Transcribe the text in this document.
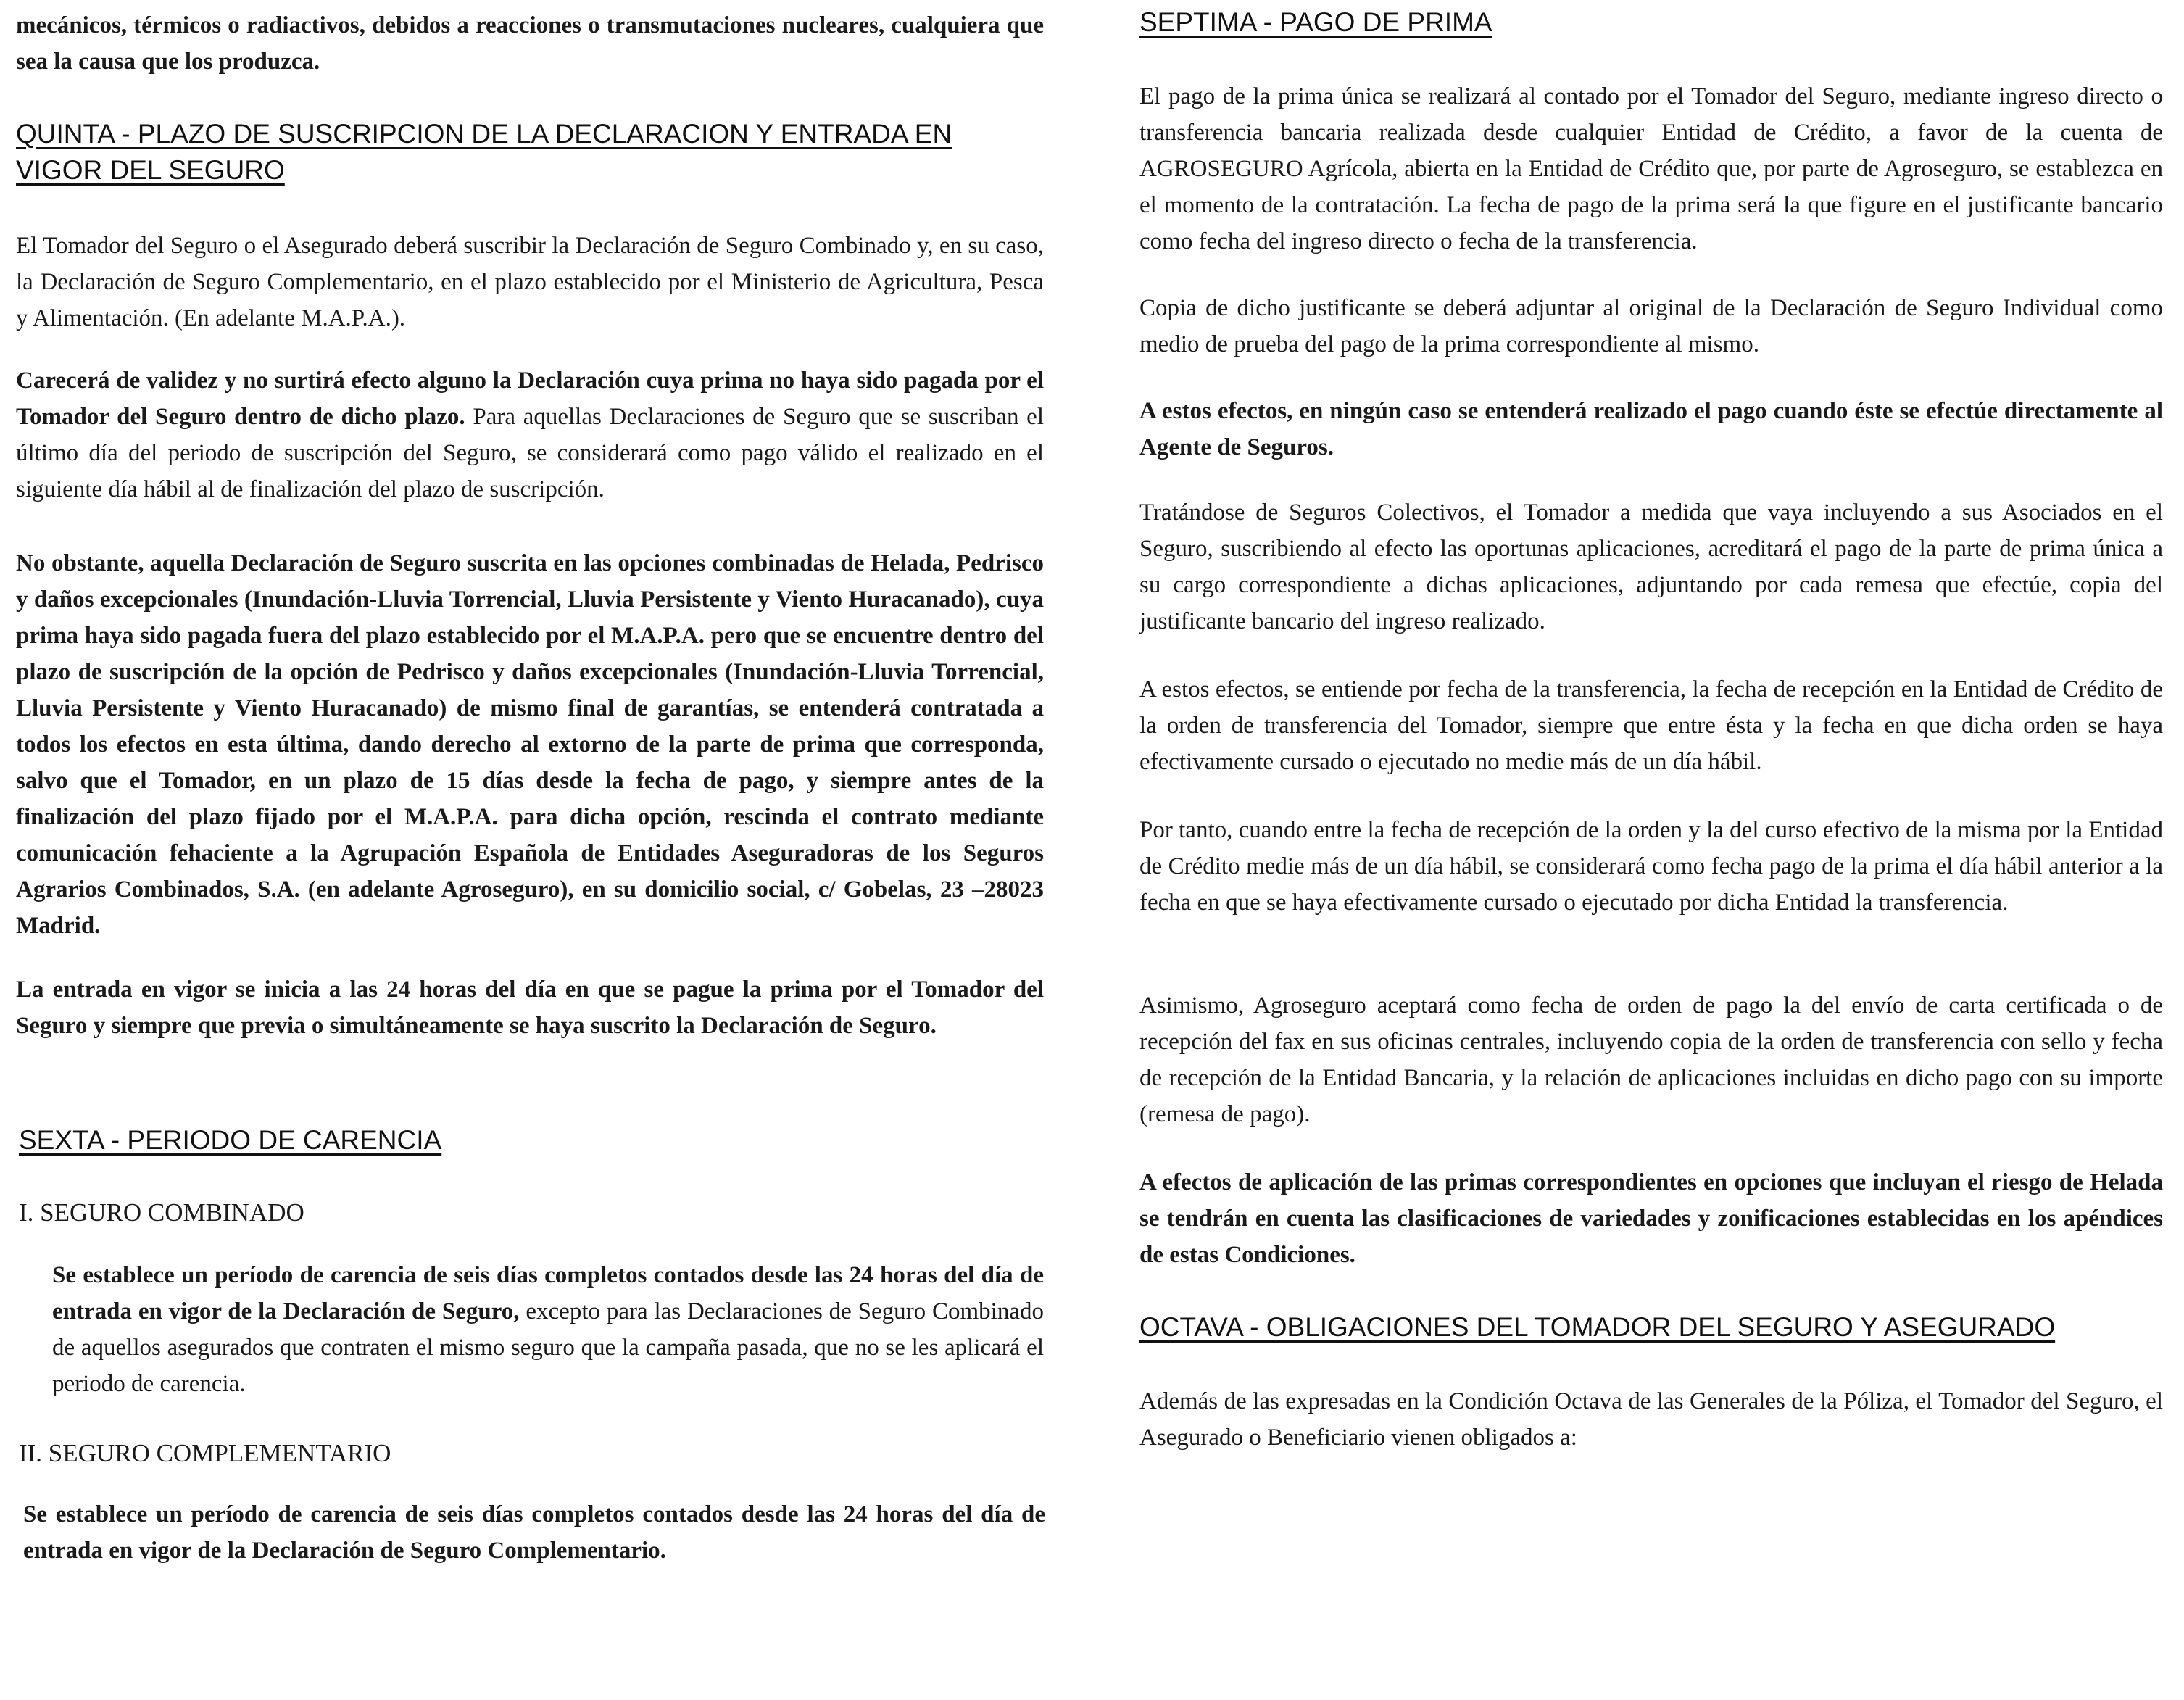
mecánicos, térmicos o radiactivos, debidos a reacciones o transmutaciones nucleares, cualquiera que sea la causa que los produzca.

QUINTA - PLAZO DE SUSCRIPCION DE LA DECLARACION Y ENTRADA EN VIGOR DEL SEGURO

El Tomador del Seguro o el Asegurado deberá suscribir la Declaración de Seguro Combinado y, en su caso, la Declaración de Seguro Complementario, en el plazo establecido por el Ministerio de Agricultura, Pesca y Alimentación. (En adelante M.A.P.A.).

Carecerá de validez y no surtirá efecto alguno la Declaración cuya prima no haya sido pagada por el Tomador del Seguro dentro de dicho plazo. Para aquellas Declaraciones de Seguro que se suscriban el último día del periodo de suscripción del Seguro, se considerará como pago válido el realizado en el siguiente día hábil al de finalización del plazo de suscripción.

No obstante, aquella Declaración de Seguro suscrita en las opciones combinadas de Helada, Pedrisco y daños excepcionales (Inundación-Lluvia Torrencial, Lluvia Persistente y Viento Huracanado), cuya prima haya sido pagada fuera del plazo establecido por el M.A.P.A. pero que se encuentre dentro del plazo de suscripción de la opción de Pedrisco y daños excepcionales (Inundación-Lluvia Torrencial, Lluvia Persistente y Viento Huracanado) de mismo final de garantías, se entenderá contratada a todos los efectos en esta última, dando derecho al extorno de la parte de prima que corresponda, salvo que el Tomador, en un plazo de 15 días desde la fecha de pago, y siempre antes de la finalización del plazo fijado por el M.A.P.A. para dicha opción, rescinda el contrato mediante comunicación fehaciente a la Agrupación Española de Entidades Aseguradoras de los Seguros Agrarios Combinados, S.A. (en adelante Agroseguro), en su domicilio social, c/ Gobelas, 23 –28023 Madrid.

La entrada en vigor se inicia a las 24 horas del día en que se pague la prima por el Tomador del Seguro y siempre que previa o simultáneamente se haya suscrito la Declaración de Seguro.

SEXTA - PERIODO DE CARENCIA

I. SEGURO COMBINADO

Se establece un período de carencia de seis días completos contados desde las 24 horas del día de entrada en vigor de la Declaración de Seguro, excepto para las Declaraciones de Seguro Combinado de aquellos asegurados que contraten el mismo seguro que la campaña pasada, que no se les aplicará el periodo de carencia.

II. SEGURO COMPLEMENTARIO

Se establece un período de carencia de seis días completos contados desde las 24 horas del día de entrada en vigor de la Declaración de Seguro Complementario.

SEPTIMA - PAGO DE PRIMA

El pago de la prima única se realizará al contado por el Tomador del Seguro, mediante ingreso directo o transferencia bancaria realizada desde cualquier Entidad de Crédito, a favor de la cuenta de AGROSEGURO Agrícola, abierta en la Entidad de Crédito que, por parte de Agroseguro, se establezca en el momento de la contratación. La fecha de pago de la prima será la que figure en el justificante bancario como fecha del ingreso directo o fecha de la transferencia.

Copia de dicho justificante se deberá adjuntar al original de la Declaración de Seguro Individual como medio de prueba del pago de la prima correspondiente al mismo.

A estos efectos, en ningún caso se entenderá realizado el pago cuando éste se efectúe directamente al Agente de Seguros.

Tratándose de Seguros Colectivos, el Tomador a medida que vaya incluyendo a sus Asociados en el Seguro, suscribiendo al efecto las oportunas aplicaciones, acreditará el pago de la parte de prima única a su cargo correspondiente a dichas aplicaciones, adjuntando por cada remesa que efectúe, copia del justificante bancario del ingreso realizado.

A estos efectos, se entiende por fecha de la transferencia, la fecha de recepción en la Entidad de Crédito de la orden de transferencia del Tomador, siempre que entre ésta y la fecha en que dicha orden se haya efectivamente cursado o ejecutado no medie más de un día hábil.

Por tanto, cuando entre la fecha de recepción de la orden y la del curso efectivo de la misma por la Entidad de Crédito medie más de un día hábil, se considerará como fecha pago de la prima el día hábil anterior a la fecha en que se haya efectivamente cursado o ejecutado por dicha Entidad la transferencia.

Asimismo, Agroseguro aceptará como fecha de orden de pago la del envío de carta certificada o de recepción del fax en sus oficinas centrales, incluyendo copia de la orden de transferencia con sello y fecha de recepción de la Entidad Bancaria, y la relación de aplicaciones incluidas en dicho pago con su importe (remesa de pago).

A efectos de aplicación de las primas correspondientes en opciones que incluyan el riesgo de Helada se tendrán en cuenta las clasificaciones de variedades y zonificaciones establecidas en los apéndices de estas Condiciones.

OCTAVA - OBLIGACIONES DEL TOMADOR DEL SEGURO Y ASEGURADO

Además de las expresadas en la Condición Octava de las Generales de la Póliza, el Tomador del Seguro, el Asegurado o Beneficiario vienen obligados a:
